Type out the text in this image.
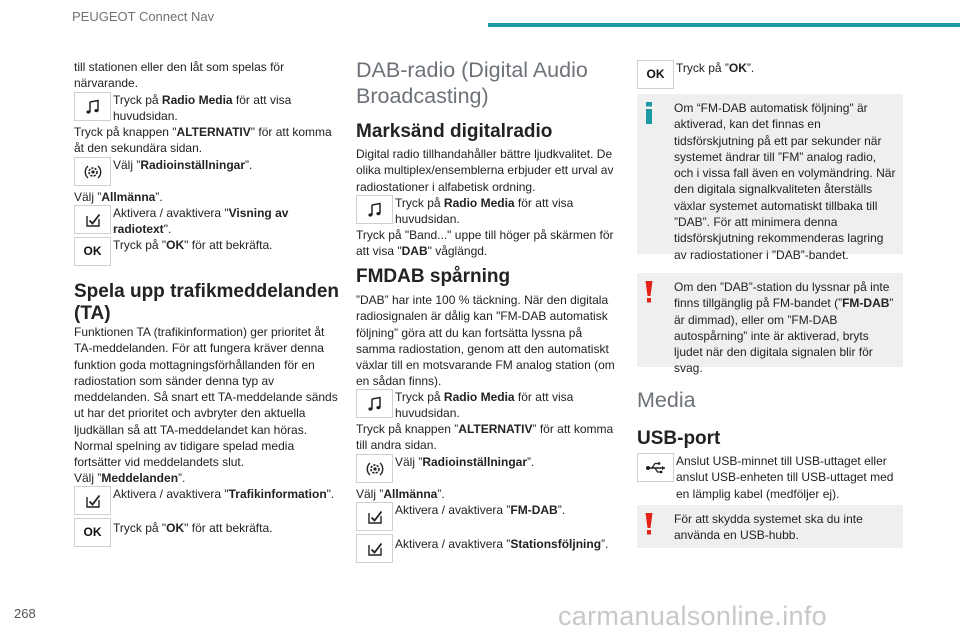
PEUGEOT Connect Nav
till stationen eller den låt som spelas för närvarande.
Tryck på Radio Media för att visa huvudsidan.
Tryck på knappen "ALTERNATIV" för att komma åt den sekundära sidan.
Välj ”Radioinställningar”.
Välj ”Allmänna”.
Aktivera / avaktivera "Visning av radiotext".
OK Tryck på "OK" för att bekräfta.
Spela upp trafikmeddelanden (TA)
Funktionen TA (trafikinformation) ger prioritet åt TA-meddelanden. För att fungera kräver denna funktion goda mottagningsförhållanden för en radiostation som sänder denna typ av meddelanden. Så snart ett TA-meddelande sänds ut har det prioritet och avbryter den aktuella ljudkällan så att TA-meddelandet kan höras. Normal spelning av tidigare spelad media fortsätter vid meddelandets slut.
Välj ”Meddelanden”.
Aktivera / avaktivera "Trafikinformation".
OK Tryck på "OK" för att bekräfta.
DAB-radio (Digital Audio Broadcasting)
Marksänd digitalradio
Digital radio tillhandahåller bättre ljudkvalitet. De olika multiplex/ensemblerna erbjuder ett urval av radiostationer i alfabetisk ordning.
Tryck på Radio Media för att visa huvudsidan.
Tryck på "Band..." uppe till höger på skärmen för att visa "DAB" våglängd.
FMDAB spårning
”DAB” har inte 100 % täckning. När den digitala radiosignalen är dålig kan "FM-DAB automatisk följning” göra att du kan fortsätta lyssna på samma radiostation, genom att den automatiskt växlar till en motsvarande FM analog station (om en sådan finns).
Tryck på Radio Media för att visa huvudsidan.
Tryck på knappen ”ALTERNATIV” för att komma till andra sidan.
Välj ”Radioinställningar”.
Välj ”Allmänna”.
Aktivera / avaktivera ”FM-DAB”.
Aktivera / avaktivera ”Stationsföljning”.
OK Tryck på ”OK”.
Om “FM-DAB automatisk följning" är aktiverad, kan det finnas en tidsförskjutning på ett par sekunder när systemet ändrar till ”FM” analog radio, och i vissa fall även en volymändring. När den digitala signalkvaliteten återställs växlar systemet automatiskt tillbaka till ”DAB”. För att minimera denna tidsförskjutning rekommenderas lagring av radiostationer i ”DAB”-bandet.
Om den ”DAB”-station du lyssnar på inte finns tillgänglig på FM-bandet (”FM-DAB” är dimmad), eller om ”FM-DAB autospårning” inte är aktiverad, bryts ljudet när den digitala signalen blir för svag.
Media
USB-port
Anslut USB-minnet till USB-uttaget eller anslut USB-enheten till USB-uttaget med en lämplig kabel (medföljer ej).
För att skydda systemet ska du inte använda en USB-hubb.
268	carmanualsonline.info
